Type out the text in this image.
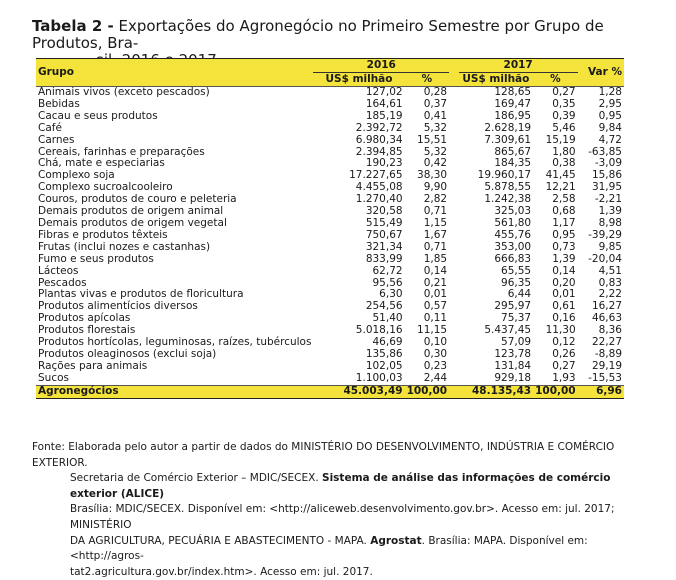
Tabela 2 - Exportações do Agronegócio no Primeiro Semestre por Grupo de Produtos, Bra-
sil, 2016 e 2017
Grupo	2016			2017		Var %
	US$ milhão	%		US$ milhão	%	
Animais vivos (exceto pescados)	127,02	0,28		128,65	0,27	1,28
Bebidas	164,61	0,37		169,47	0,35	2,95
Cacau e seus produtos	185,19	0,41		186,95	0,39	0,95
Café	2.392,72	5,32		2.628,19	5,46	9,84
Carnes	6.980,34	15,51		7.309,61	15,19	4,72
Cereais, farinhas e preparações	2.394,85	5,32		865,67	1,80	-63,85
Chá, mate e especiarias	190,23	0,42		184,35	0,38	-3,09
Complexo soja	17.227,65	38,30		19.960,17	41,45	15,86
Complexo sucroalcooleiro	4.455,08	9,90		5.878,55	12,21	31,95
Couros, produtos de couro e peleteria	1.270,40	2,82		1.242,38	2,58	-2,21
Demais produtos de origem animal	320,58	0,71		325,03	0,68	1,39
Demais produtos de origem vegetal	515,49	1,15		561,80	1,17	8,98
Fibras e produtos têxteis	750,67	1,67		455,76	0,95	-39,29
Frutas (inclui nozes e castanhas)	321,34	0,71		353,00	0,73	9,85
Fumo e seus produtos	833,99	1,85		666,83	1,39	-20,04
Lácteos	62,72	0,14		65,55	0,14	4,51
Pescados	95,56	0,21		96,35	0,20	0,83
Plantas vivas e produtos de floricultura	6,30	0,01		6,44	0,01	2,22
Produtos alimentícios diversos	254,56	0,57		295,97	0,61	16,27
Produtos apícolas	51,40	0,11		75,37	0,16	46,63
Produtos florestais	5.018,16	11,15		5.437,45	11,30	8,36
Produtos hortícolas, leguminosas, raízes, tubérculos	46,69	0,10		57,09	0,12	22,27
Produtos oleaginosos (exclui soja)	135,86	0,30		123,78	0,26	-8,89
Rações para animais	102,05	0,23		131,84	0,27	29,19
Sucos	1.100,03	2,44		929,18	1,93	-15,53
Agronegócios	45.003,49	100,00		48.135,43	100,00	6,96
Fonte: Elaborada pelo autor a partir de dados do MINISTÉRIO DO DESENVOLVIMENTO, INDÚSTRIA E COMÉRCIO EXTERIOR.
Secretaria de Comércio Exterior – MDIC/SECEX. Sistema de análise das informações de comércio exterior (ALICE)
Brasília: MDIC/SECEX. Disponível em: <http://aliceweb.desenvolvimento.gov.br>. Acesso em: jul. 2017; MINISTÉRIO
DA AGRICULTURA, PECUÁRIA E ABASTECIMENTO - MAPA. Agrostat. Brasília: MAPA. Disponível em: <http://agros-
tat2.agricultura.gov.br/index.htm>. Acesso em: jul. 2017.
